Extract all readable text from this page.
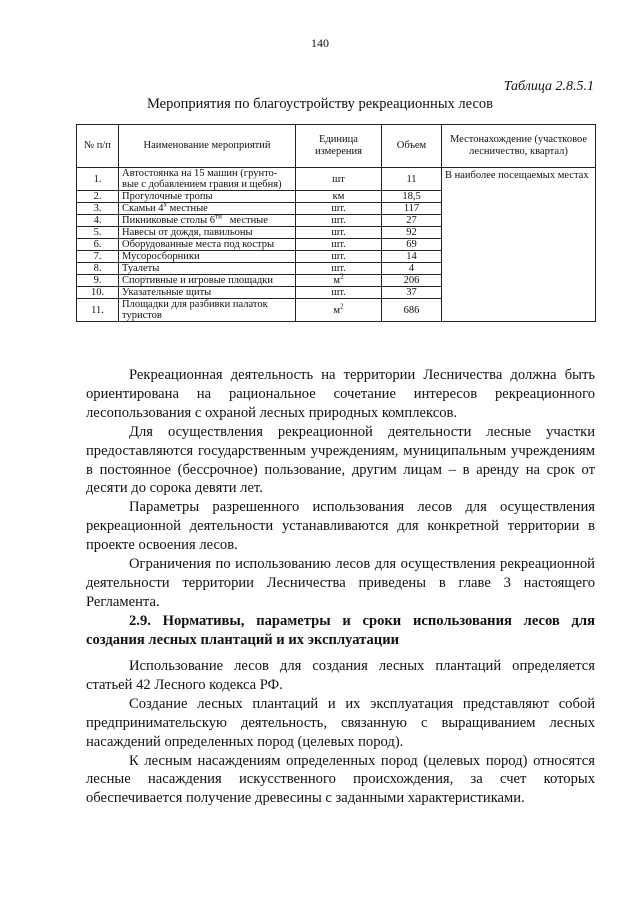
140
Таблица 2.8.5.1
Мероприятия по благоустройству рекреационных лесов
№ п/п	Наименование мероприятий	Единица измерения	Объем	Местонахождение (участковое лесничество, квартал)
1.	Автостоянка на 15 машин (грунто-вые с добавлением гравия и щебня)	шт	11	В наиболее посещаемых местах
2.	Прогулочные тропы	км	18,5	
3.	Скамьи $4^х$ местные	шт.	117	
4.	Пикниковые столы $6^{ти}$   местные	шт.	27	
5.	Навесы от дождя, павильоны	шт.	92	
6.	Оборудованные места под костры	шт.	69	
7.	Мусоросборники	шт.	14	
8.	Туалеты	шт.	4	
9.	Спортивные и игровые площадки	$м^2$	206	
10.	Указательные щиты	шт.	37	
11.	Площадки для разбивки палаток туристов	$м^2$	686	

Рекреационная деятельность на территории Лесничества должна быть ориентирована на рациональное сочетание интересов рекреационного лесопользования с охраной лесных природных комплексов.

Для осуществления рекреационной деятельности лесные участки предоставляются государственным учреждениям, муниципальным учреждениям в постоянное (бессрочное) пользование, другим лицам – в аренду на срок от десяти до сорока девяти лет.

Параметры разрешенного использования лесов для осуществления рекреационной деятельности устанавливаются для конкретной территории в проекте освоения лесов.

Ограничения по использованию лесов для осуществления рекреационной деятельности территории Лесничества приведены в главе 3 настоящего Регламента.

2.9. Нормативы, параметры и сроки использования лесов для создания лесных плантаций и их эксплуатации

Использование лесов для создания лесных плантаций определяется статьей 42 Лесного кодекса РФ.

Создание лесных плантаций и их эксплуатация представляют собой предпринимательскую деятельность, связанную с выращиванием лесных насаждений определенных пород (целевых пород).

К лесным насаждениям определенных пород (целевых пород) относятся лесные насаждения искусственного происхождения, за счет которых обеспечивается получение древесины с заданными характеристиками.
